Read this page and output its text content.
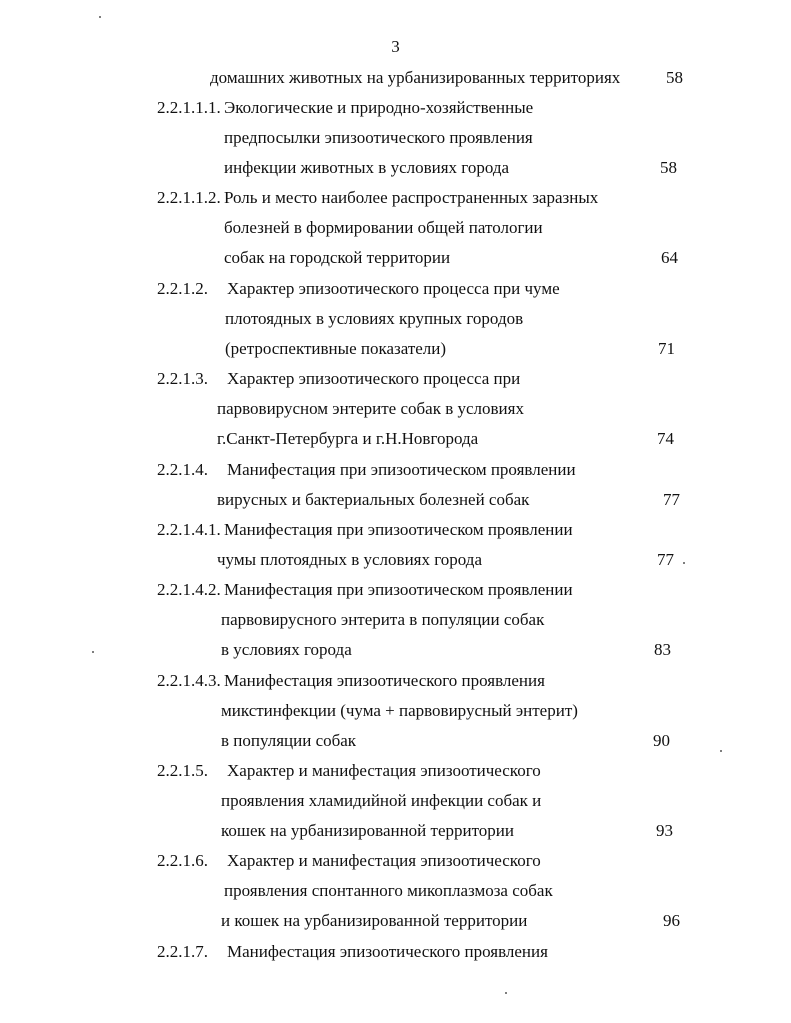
3
домашних животных на урбанизированных территориях	58
2.2.1.1.1. Экологические и природно-хозяйственные
предпосылки эпизоотического проявления
инфекции животных в условиях города	58
2.2.1.1.2. Роль и место наиболее распространенных заразных
болезней в формировании общей патологии
собак на городской территории	64
2.2.1.2. Характер эпизоотического процесса при чуме
плотоядных в условиях крупных городов
(ретроспективные показатели)	71
2.2.1.3. Характер эпизоотического процесса при
парвовирусном энтерите собак в условиях
г.Санкт-Петербурга и г.Н.Новгорода	74
2.2.1.4. Манифестация при эпизоотическом проявлении
вирусных и бактериальных болезней собак	77
2.2.1.4.1. Манифестация при эпизоотическом проявлении
чумы плотоядных в условиях города	77
2.2.1.4.2. Манифестация при эпизоотическом проявлении
парвовирусного энтерита в популяции собак
в условиях города	83
2.2.1.4.3. Манифестация эпизоотического проявления
микстинфекции (чума + парвовирусный энтерит)
в популяции собак	90
2.2.1.5. Характер и манифестация эпизоотического
проявления хламидийной инфекции собак и
кошек на урбанизированной территории	93
2.2.1.6. Характер и манифестация эпизоотического
проявления спонтанного микоплазмоза собак
и кошек на урбанизированной территории	96
2.2.1.7. Манифестация эпизоотического проявления
